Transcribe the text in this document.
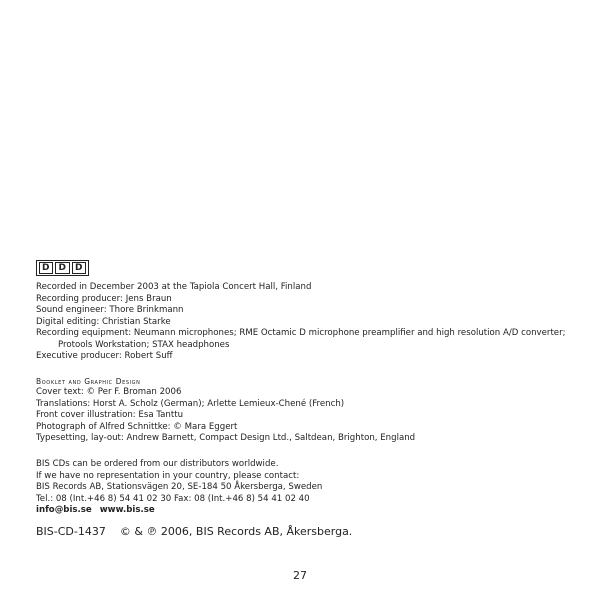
D D D
Recorded in December 2003 at the Tapiola Concert Hall, Finland
Recording producer: Jens Braun
Sound engineer: Thore Brinkmann
Digital editing: Christian Starke
Recording equipment: Neumann microphones; RME Octamic D microphone preamplifier and high resolution A/D converter;
Protools Workstation; STAX headphones
Executive producer: Robert Suff
Booklet and Graphic Design
Cover text: © Per F. Broman 2006
Translations: Horst A. Scholz (German); Arlette Lemieux-Chené (French)
Front cover illustration: Esa Tanttu
Photograph of Alfred Schnittke: © Mara Eggert
Typesetting, lay-out: Andrew Barnett, Compact Design Ltd., Saltdean, Brighton, England
BIS CDs can be ordered from our distributors worldwide.
If we have no representation in your country, please contact:
BIS Records AB, Stationsvägen 20, SE-184 50 Åkersberga, Sweden
Tel.: 08 (Int.+46 8) 54 41 02 30 Fax: 08 (Int.+46 8) 54 41 02 40
info@bis.se www.bis.se
BIS-CD-1437 © & ℗ 2006, BIS Records AB, Åkersberga.
27
